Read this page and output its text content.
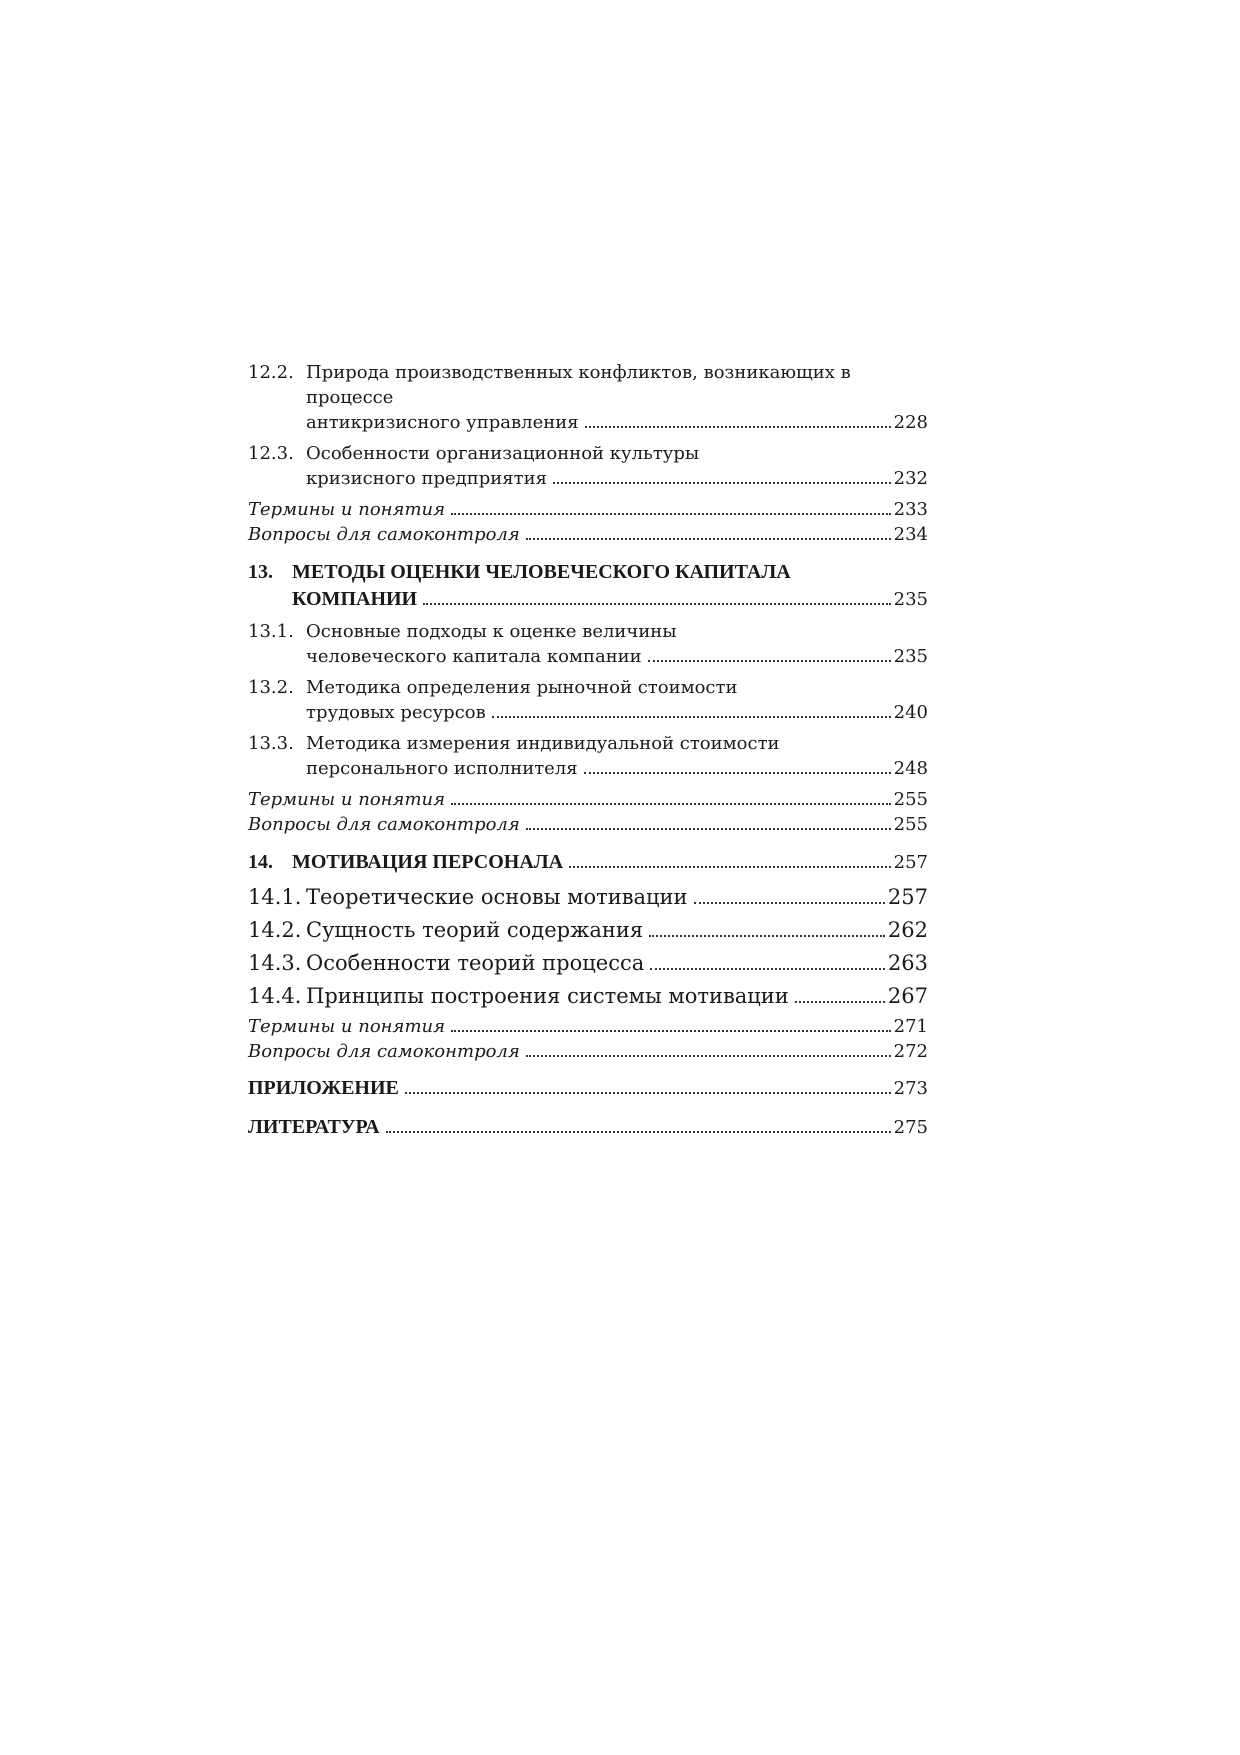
12.2. Природа производственных конфликтов, возникающих в
процессе
антикризисного управления	228
12.3. Особенности организационной культуры
кризисного предприятия	232
Термины и понятия	233
Вопросы для самоконтроля	234
13. МЕТОДЫ ОЦЕНКИ ЧЕЛОВЕЧЕСКОГО КАПИТАЛА
КОМПАНИИ	235
13.1. Основные подходы к оценке величины
человеческого капитала компании	235
13.2. Методика определения рыночной стоимости
трудовых ресурсов	240
13.3. Методика измерения индивидуальной стоимости
персонального исполнителя	248
Термины и понятия	255
Вопросы для самоконтроля	255
14. МОТИВАЦИЯ ПЕРСОНАЛА	257
14.1. Теоретические основы мотивации	257
14.2. Сущность теорий содержания	262
14.3. Особенности теорий процесса	263
14.4. Принципы построения системы мотивации	267
Термины и понятия	271
Вопросы для самоконтроля	272
ПРИЛОЖЕНИЕ	273
ЛИТЕРАТУРА	275
